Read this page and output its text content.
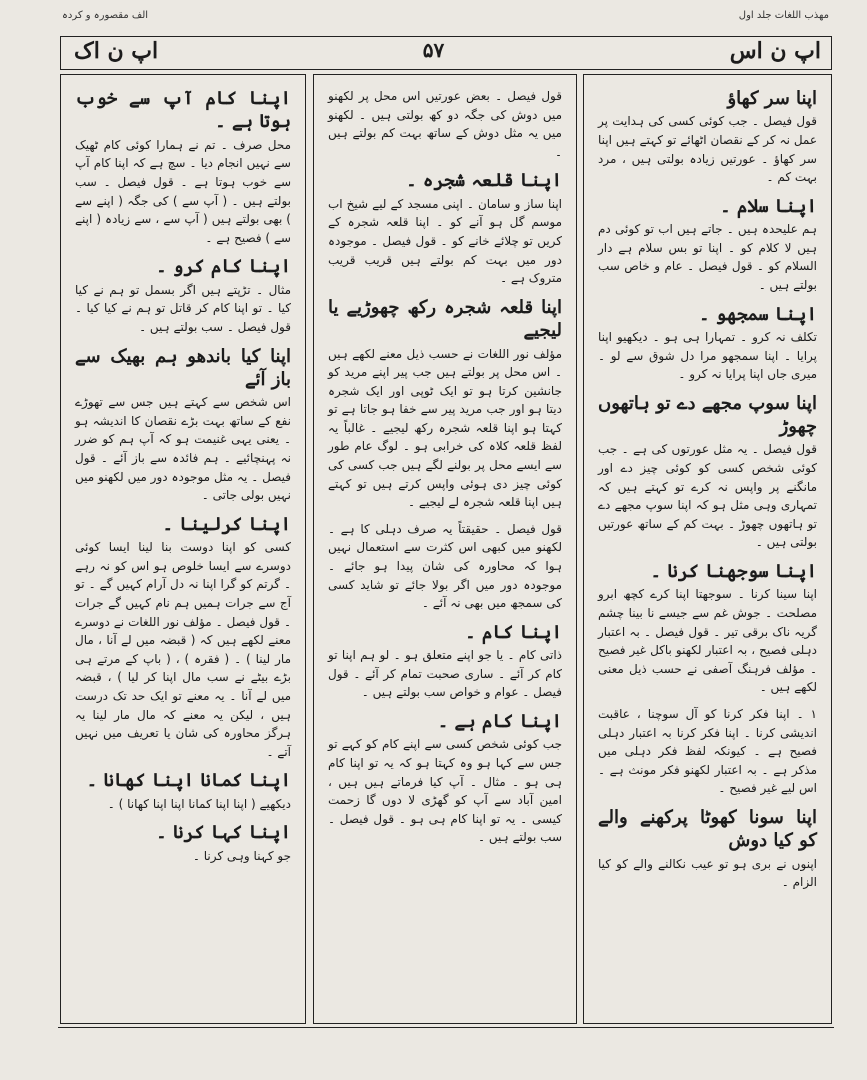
مهذب اللغات جلد اول
الف مقصورہ و کردہ
اپ ن اس
۵۷
اپ ن اک
اپنا سر کھاؤ
قول فیصل ۔ جب کوئی کسی کی ہدایت پر عمل نہ کر کے نقصان اٹھائے تو کہتے ہیں اپنا سر کھاؤ ۔ عورتیں زیادہ بولتی ہیں ، مرد بہت کم ۔
اپنا سلام ۔
ہم علیحدہ ہیں ۔ جاتے ہیں اب تو کوئی دم ہیں لا کلام کو ۔ اپنا تو بس سلام ہے دار السلام کو ۔ قول فیصل ۔ عام و خاص سب بولتے ہیں ۔
اپنا سمجھو ۔
تکلف نہ کرو ۔ تمہارا ہی ہو ۔ دیکھیو اپنا پرایا ۔ اپنا سمجھو مرا دل شوق سے لو ۔ میری جاں اپنا پرایا نہ کرو ۔
اپنا سوپ مجھے دے تو ہاتھوں چھوڑ
قول فیصل ۔ یہ مثل عورتوں کی ہے ۔ جب کوئی شخص کسی کو کوئی چیز دے اور مانگنے پر واپس نہ کرے تو کہتے ہیں کہ تمہاری وہی مثل ہو کہ اپنا سوپ مجھے دے تو ہاتھوں چھوڑ ۔ بہت کم کے ساتھ عورتیں بولتی ہیں ۔
اپنا سوجھنا کرنا ۔
اپنا سینا کرنا ۔ سوجھتا اپنا کرے کچھ ابرو مصلحت ۔ جوش غم سے جیسے نا بینا چشم گریہ ناک برقی تیر ۔ قول فیصل ۔ بہ اعتبار دہلی فصیح ، بہ اعتبار لکھنو باکل غیر فصیح ۔ مؤلف فرہنگ آصفی نے حسب ذیل معنی لکھے ہیں ۔
۱ ۔ اپنا فکر کرنا کو آل سوچنا ، عاقبت اندیشی کرنا ۔ اپنا فکر کرنا بہ اعتبار دہلی فصیح ہے ۔ کیونکہ لفظ فکر دہلی میں مذکر ہے ۔ بہ اعتبار لکھنو فکر مونث ہے ۔ اس لیے غیر فصیح ۔
اپنا سونا کھوٹا پرکھنے والے کو کیا دوش
اپنوں نے بری ہو تو عیب نکالنے والے کو کیا الزام ۔
قول فیصل ۔ بعض عورتیں اس محل پر لکھنو میں دوش کی جگہ دو کھ بولتی ہیں ۔ لکھنو میں یہ مثل دوش کے ساتھ بہت کم بولتے ہیں ۔
اپنا قلعہ شجرہ ۔
اپنا ساز و سامان ۔ اپنی مسجد کے لیے شیخ اب موسم گل ہو آنے کو ۔ اپنا قلعہ شجرہ کے کریں تو چلائے خانے کو ۔ قول فیصل ۔ موجودہ دور میں بہت کم بولتے ہیں قریب قریب متروک ہے ۔
اپنا قلعہ شجرہ رکھ چھوڑیے یا لیجیے
مؤلف نور اللغات نے حسب ذیل معنے لکھے ہیں ۔ اس محل پر بولتے ہیں جب پیر اپنے مرید کو جانشین کرتا ہو تو ایک ٹوپی اور ایک شجرہ دیتا ہو اور جب مرید پیر سے خفا ہو جاتا ہے تو کہتا ہو اپنا قلعہ شجرہ رکھ لیجیے ۔ غالباً یہ لفظ قلعہ کلاہ کی خرابی ہو ۔ لوگ عام طور سے ایسے محل پر بولنے لگے ہیں جب کسی کی کوئی چیز دی ہوئی واپس کرتے ہیں تو کہتے ہیں اپنا قلعہ شجرہ لے لیجیے ۔
قول فیصل ۔ حقیقتاً یہ صرف دہلی کا ہے ۔ لکھنو میں کبھی اس کثرت سے استعمال نہیں ہوا کہ محاورہ کی شان پیدا ہو جائے ۔ موجودہ دور میں اگر بولا جائے تو شاید کسی کی سمجھ میں بھی نہ آئے ۔
اپنا کام ۔
ذاتی کام ۔ یا جو اپنے متعلق ہو ۔ لو ہم اپنا تو کام کر آئے ۔ ساری صحبت تمام کر آئے ۔ قول فیصل ۔ عوام و خواص سب بولتے ہیں ۔
اپنا کام ہے ۔
جب کوئی شخص کسی سے اپنے کام کو کہے تو جس سے کہا ہو وہ کہتا ہو کہ یہ تو اپنا کام ہی ہو ۔ مثال ۔ آپ کیا فرماتے ہیں ہیں ، امین آباد سے آپ کو گھڑی لا دوں گا زحمت کیسی ۔ یہ تو اپنا کام ہی ہو ۔ قول فیصل ۔ سب بولتے ہیں ۔
اپنا کام آپ سے خوب ہوتا ہے ۔
محل صرف ۔ تم نے ہمارا کوئی کام ٹھیک سے نہیں انجام دیا ۔ سچ ہے کہ اپنا کام آپ سے خوب ہوتا ہے ۔ قول فیصل ۔ سب بولتے ہیں ۔ ( آپ سے ) کی جگہ ( اپنے سے ) بھی بولتے ہیں ( آپ سے ، سے زیادہ ( اپنے سے ) فصیح ہے ۔
اپنا کام کرو ۔
مثال ۔ تڑپتے ہیں اگر بسمل تو ہم نے کیا کیا ۔ تو اپنا کام کر قاتل تو ہم نے کیا کیا ۔ قول فیصل ۔ سب بولتے ہیں ۔
اپنا کیا باندھو ہم بھیک سے باز آئے
اس شخص سے کہتے ہیں جس سے تھوڑے نفع کے ساتھ بہت بڑے نقصان کا اندیشہ ہو ۔ یعنی یہی غنیمت ہو کہ آپ ہم کو ضرر نہ پہنچائیے ۔ ہم فائدہ سے باز آئے ۔ قول فیصل ۔ یہ مثل موجودہ دور میں لکھنو میں نہیں بولی جاتی ۔
اپنا کرلینا ۔
کسی کو اپنا دوست بنا لینا ایسا کوئی دوسرے سے ایسا خلوص ہو اس کو نہ رہے ۔ گرتم کو گرا اپنا نہ دل آرام کہیں گے ۔ تو آج سے جرات ہمیں ہم نام کہیں گے جرات ۔ قول فیصل ۔ مؤلف نور اللغات نے دوسرے معنے لکھے ہیں کہ ( قبضہ میں لے آنا ، مال مار لینا ) ۔ ( فقرہ ) ، ( باپ کے مرتے ہی بڑے بیٹے نے سب مال اپنا کر لیا ) ، قبضہ میں لے آنا ۔ یہ معنے تو ایک حد تک درست ہیں ، لیکن یہ معنے کہ مال مار لینا یہ ہرگز محاورہ کی شان یا تعریف میں نہیں آتے ۔
اپنا کمانا اپنا کھانا ۔
دیکھیے ( اپنا اپنا کمانا اپنا اپنا کھانا ) ۔
اپنا کہا کرنا ۔
جو کہنا وہی کرنا ۔
